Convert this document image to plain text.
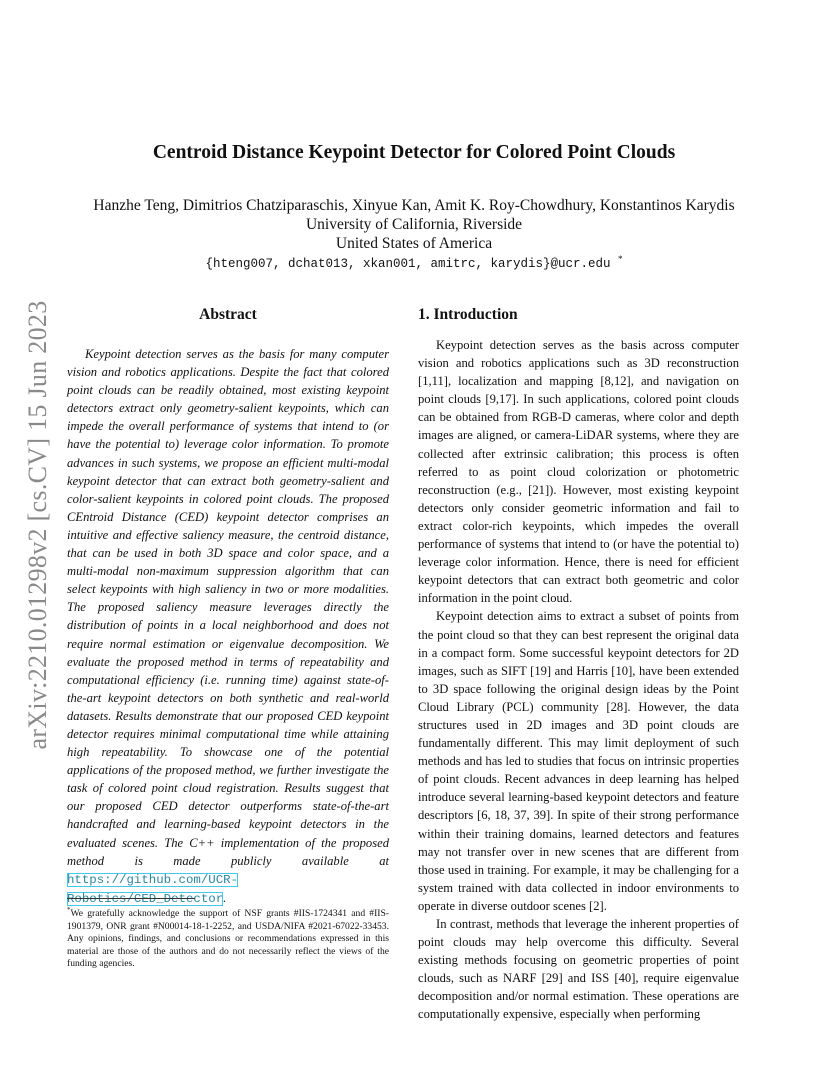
arXiv:2210.01298v2 [cs.CV] 15 Jun 2023
Centroid Distance Keypoint Detector for Colored Point Clouds
Hanzhe Teng, Dimitrios Chatziparaschis, Xinyue Kan, Amit K. Roy-Chowdhury, Konstantinos Karydis
University of California, Riverside
United States of America
{hteng007, dchat013, xkan001, amitrc, karydis}@ucr.edu *
Abstract

Keypoint detection serves as the basis for many computer vision and robotics applications. Despite the fact that colored point clouds can be readily obtained, most existing keypoint detectors extract only geometry-salient keypoints, which can impede the overall performance of systems that intend to (or have the potential to) leverage color information. To promote advances in such systems, we propose an efficient multi-modal keypoint detector that can extract both geometry-salient and color-salient keypoints in colored point clouds. The proposed CEntroid Distance (CED) keypoint detector comprises an intuitive and effective saliency measure, the centroid distance, that can be used in both 3D space and color space, and a multi-modal non-maximum suppression algorithm that can select keypoints with high saliency in two or more modalities. The proposed saliency measure leverages directly the distribution of points in a local neighborhood and does not require normal estimation or eigenvalue decomposition. We evaluate the proposed method in terms of repeatability and computational efficiency (i.e. running time) against state-of-the-art keypoint detectors on both synthetic and real-world datasets. Results demonstrate that our proposed CED keypoint detector requires minimal computational time while attaining high repeatability. To showcase one of the potential applications of the proposed method, we further investigate the task of colored point cloud registration. Results suggest that our proposed CED detector outperforms state-of-the-art handcrafted and learning-based keypoint detectors in the evaluated scenes. The C++ implementation of the proposed method is made publicly available at https://github.com/UCR-Robotics/CED_Detector.

1. Introduction

Keypoint detection serves as the basis across computer vision and robotics applications such as 3D reconstruction [1,11], localization and mapping [8,12], and navigation on point clouds [9,17]. In such applications, colored point clouds can be obtained from RGB-D cameras, where color and depth images are aligned, or camera-LiDAR systems, where they are collected after extrinsic calibration; this process is often referred to as point cloud colorization or photometric reconstruction (e.g., [21]). However, most existing keypoint detectors only consider geometric information and fail to extract color-rich keypoints, which impedes the overall performance of systems that intend to (or have the potential to) leverage color information. Hence, there is need for efficient keypoint detectors that can extract both geometric and color information in the point cloud.

Keypoint detection aims to extract a subset of points from the point cloud so that they can best represent the original data in a compact form. Some successful keypoint detectors for 2D images, such as SIFT [19] and Harris [10], have been extended to 3D space following the original design ideas by the Point Cloud Library (PCL) community [28]. However, the data structures used in 2D images and 3D point clouds are fundamentally different. This may limit deployment of such methods and has led to studies that focus on intrinsic properties of point clouds. Recent advances in deep learning has helped introduce several learning-based keypoint detectors and feature descriptors [6, 18, 37, 39]. In spite of their strong performance within their training domains, learned detectors and features may not transfer over in new scenes that are different from those used in training. For example, it may be challenging for a system trained with data collected in indoor environments to operate in diverse outdoor scenes [2].

In contrast, methods that leverage the inherent properties of point clouds may help overcome this difficulty. Several existing methods focusing on geometric properties of point clouds, such as NARF [29] and ISS [40], require eigenvalue decomposition and/or normal estimation. These operations are computationally expensive, especially when performing

*We gratefully acknowledge the support of NSF grants #IIS-1724341 and #IIS-1901379, ONR grant #N00014-18-1-2252, and USDA/NIFA #2021-67022-33453. Any opinions, findings, and conclusions or recommendations expressed in this material are those of the authors and do not necessarily reflect the views of the funding agencies.
